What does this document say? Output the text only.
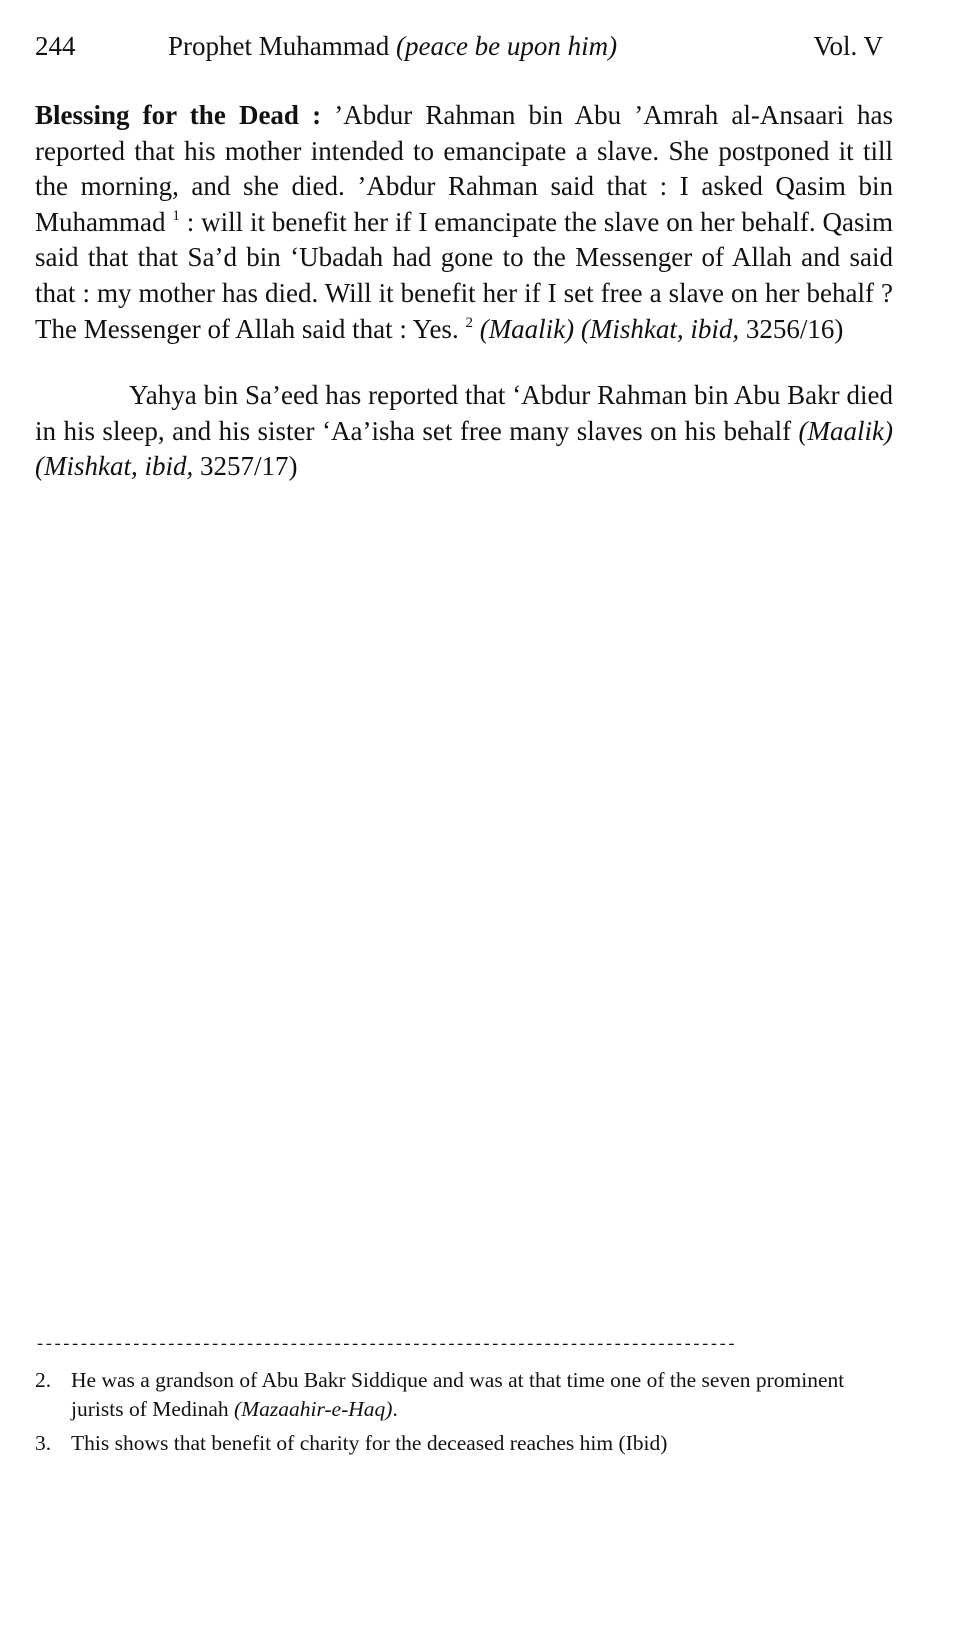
244	Prophet Muhammad (peace be upon him)	Vol. V

Blessing for the Dead : ’Abdur Rahman bin Abu ’Amrah al-Ansaari has reported that his mother intended to emancipate a slave. She postponed it till the morning, and she died. ’Abdur Rahman said that : I asked Qasim bin Muhammad $^1$ : will it benefit her if I emancipate the slave on her behalf. Qasim said that that Sa’d bin ‘Ubadah had gone to the Messenger of Allah and said that : my mother has died. Will it benefit her if I set free a slave on her behalf ? The Messenger of Allah said that : Yes. $^2$ (Maalik) (Mishkat, ibid, 3256/16)

Yahya bin Sa’eed has reported that ‘Abdur Rahman bin Abu Bakr died in his sleep, and his sister ‘Aa’isha set free many slaves on his behalf (Maalik) (Mishkat, ibid, 3257/17)

--------------------------------------------------------------------------------
2. He was a grandson of Abu Bakr Siddique and was at that time one of the seven prominent jurists of Medinah (Mazaahir-e-Haq).
3. This shows that benefit of charity for the deceased reaches him (Ibid)
